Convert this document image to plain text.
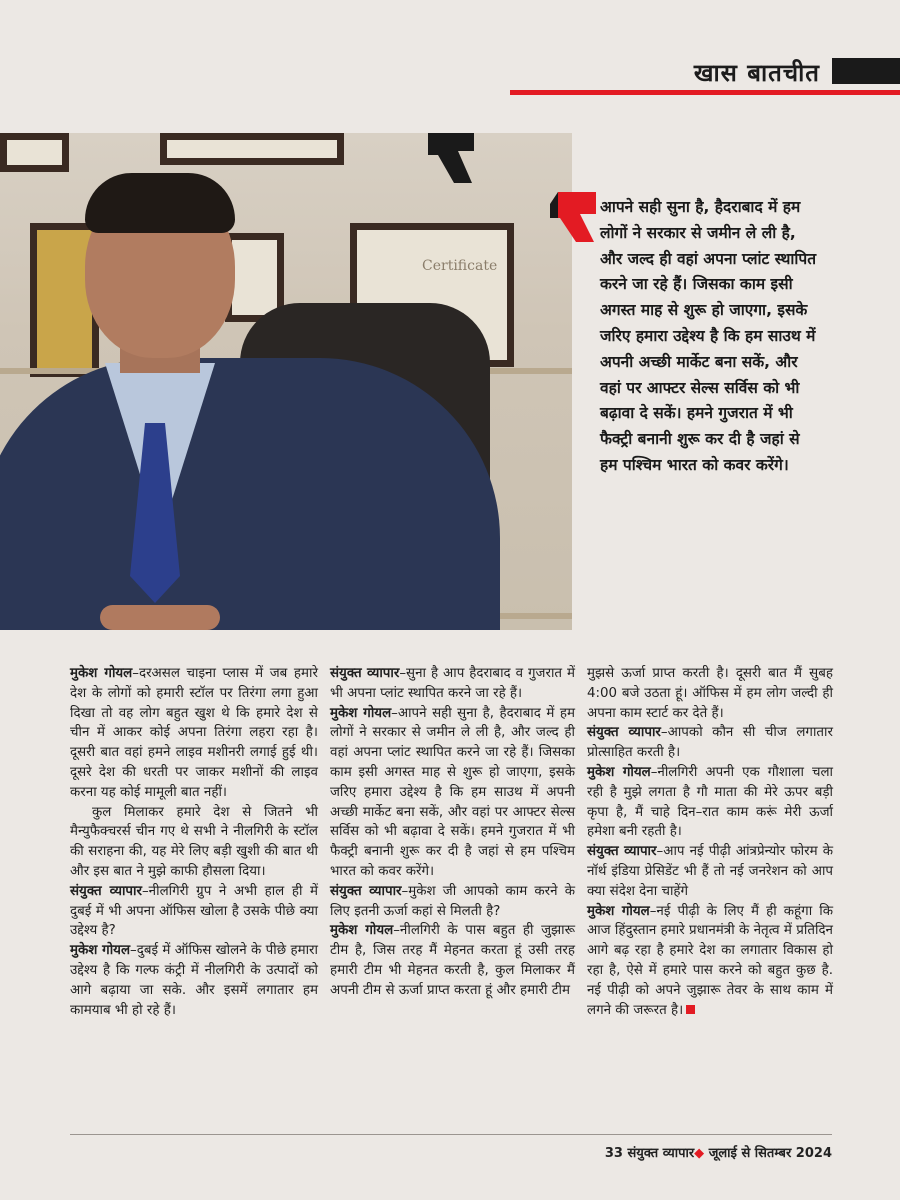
खास बातचीत
Certificate

आपने सही सुना है, हैदराबाद में हम लोगों ने सरकार से जमीन ले ली है, और जल्द ही वहां अपना प्लांट स्थापित करने जा रहे हैं। जिसका काम इसी अगस्त माह से शुरू हो जाएगा, इसके जरिए हमारा उद्देश्य है कि हम साउथ में अपनी अच्छी मार्केट बना सकें, और वहां पर आफ्टर सेल्स सर्विस को भी बढ़ावा दे सकें। हमने गुजरात में भी फैक्ट्री बनानी शुरू कर दी है जहां से हम पश्चिम भारत को कवर करेंगे।

मुकेश गोयल–दरअसल चाइना प्लास में जब हमारे देश के लोगों को हमारी स्टॉल पर तिरंगा लगा हुआ दिखा तो वह लोग बहुत खुश थे कि हमारे देश से चीन में आकर कोई अपना तिरंगा लहरा रहा है। दूसरी बात वहां हमने लाइव मशीनरी लगाई हुई थी। दूसरे देश की धरती पर जाकर मशीनों की लाइव करना यह कोई मामूली बात नहीं।

कुल मिलाकर हमारे देश से जितने भी मैन्युफैक्चरर्स चीन गए थे सभी ने नीलगिरी के स्टॉल की सराहना की, यह मेरे लिए बड़ी खुशी की बात थी और इस बात ने मुझे काफी हौसला दिया।

संयुक्त व्यापार–नीलगिरी ग्रुप ने अभी हाल ही में दुबई में भी अपना ऑफिस खोला है उसके पीछे क्या उद्देश्य है?

मुकेश गोयल–दुबई में ऑफिस खोलने के पीछे हमारा उद्देश्य है कि गल्फ कंट्री में नीलगिरी के उत्पादों को आगे बढ़ाया जा सके. और इसमें लगातार हम कामयाब भी हो रहे हैं।

संयुक्त व्यापार–सुना है आप हैदराबाद व गुजरात में भी अपना प्लांट स्थापित करने जा रहे हैं।

मुकेश गोयल–आपने सही सुना है, हैदराबाद में हम लोगों ने सरकार से जमीन ले ली है, और जल्द ही वहां अपना प्लांट स्थापित करने जा रहे हैं। जिसका काम इसी अगस्त माह से शुरू हो जाएगा, इसके जरिए हमारा उद्देश्य है कि हम साउथ में अपनी अच्छी मार्केट बना सकें, और वहां पर आफ्टर सेल्स सर्विस को भी बढ़ावा दे सकें। हमने गुजरात में भी फैक्ट्री बनानी शुरू कर दी है जहां से हम पश्चिम भारत को कवर करेंगे।

संयुक्त व्यापार–मुकेश जी आपको काम करने के लिए इतनी ऊर्जा कहां से मिलती है?

मुकेश गोयल–नीलगिरी के पास बहुत ही जुझारू टीम है, जिस तरह मैं मेहनत करता हूं उसी तरह हमारी टीम भी मेहनत करती है, कुल मिलाकर मैं अपनी टीम से ऊर्जा प्राप्त करता हूं और हमारी टीम

मुझसे ऊर्जा प्राप्त करती है। दूसरी बात मैं सुबह 4:00 बजे उठता हूं। ऑफिस में हम लोग जल्दी ही अपना काम स्टार्ट कर देते हैं।

संयुक्त व्यापार–आपको कौन सी चीज लगातार प्रोत्साहित करती है।

मुकेश गोयल–नीलगिरी अपनी एक गौशाला चला रही है मुझे लगता है गौ माता की मेरे ऊपर बड़ी कृपा है, मैं चाहे दिन–रात काम करूं मेरी ऊर्जा हमेशा बनी रहती है।

संयुक्त व्यापार–आप नई पीढ़ी आंत्रप्रेन्योर फोरम के नॉर्थ इंडिया प्रेसिडेंट भी हैं तो नई जनरेशन को आप क्या संदेश देना चाहेंगे

मुकेश गोयल–नई पीढ़ी के लिए मैं ही कहूंगा कि आज हिंदुस्तान हमारे प्रधानमंत्री के नेतृत्व में प्रतिदिन आगे बढ़ रहा है हमारे देश का लगातार विकास हो रहा है, ऐसे में हमारे पास करने को बहुत कुछ है. नई पीढ़ी को अपने जुझारू तेवर के साथ काम में लगने की जरूरत है।

33 संयुक्त व्यापार◆ जूलाई से सितम्बर 2024
